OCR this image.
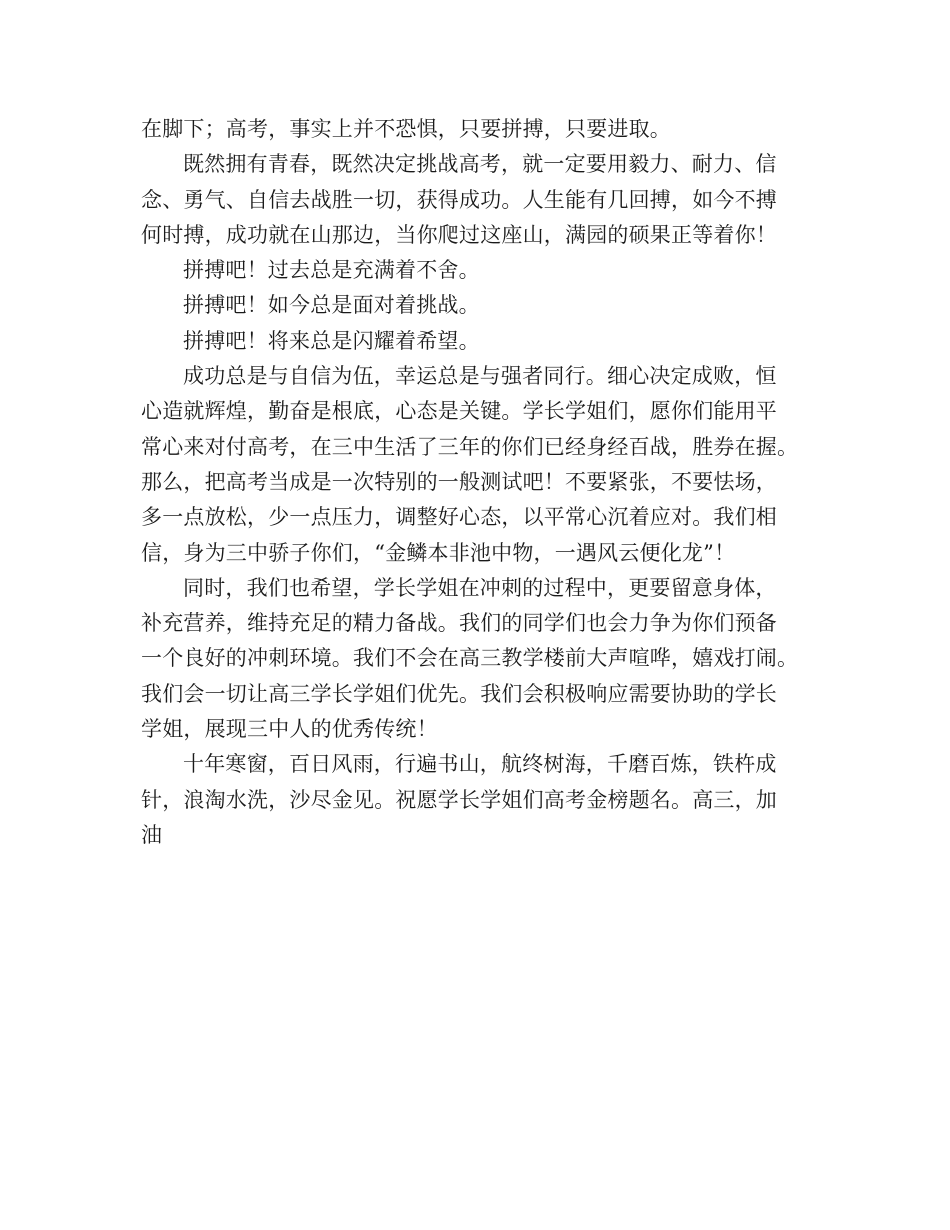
在脚下；高考，事实上并不恐惧，只要拼搏，只要进取。
既然拥有青春，既然决定挑战高考，就一定要用毅力、耐力、信
念、勇气、自信去战胜一切，获得成功。人生能有几回搏，如今不搏
何时搏，成功就在山那边，当你爬过这座山，满园的硕果正等着你！
拼搏吧！过去总是充满着不舍。
拼搏吧！如今总是面对着挑战。
拼搏吧！将来总是闪耀着希望。
成功总是与自信为伍，幸运总是与强者同行。细心决定成败，恒
心造就辉煌，勤奋是根底，心态是关键。学长学姐们，愿你们能用平
常心来对付高考，在三中生活了三年的你们已经身经百战，胜券在握。
那么，把高考当成是一次特别的一般测试吧！不要紧张，不要怯场，
多一点放松，少一点压力，调整好心态，以平常心沉着应对。我们相
信，身为三中骄子你们，“金鳞本非池中物，一遇风云便化龙”！
同时，我们也希望，学长学姐在冲刺的过程中，更要留意身体，
补充营养，维持充足的精力备战。我们的同学们也会力争为你们预备
一个良好的冲刺环境。我们不会在高三教学楼前大声喧哗，嬉戏打闹。
我们会一切让高三学长学姐们优先。我们会积极响应需要协助的学长
学姐，展现三中人的优秀传统！
十年寒窗，百日风雨，行遍书山，航终树海，千磨百炼，铁杵成
针，浪淘水洗，沙尽金见。祝愿学长学姐们高考金榜题名。高三，加
油
